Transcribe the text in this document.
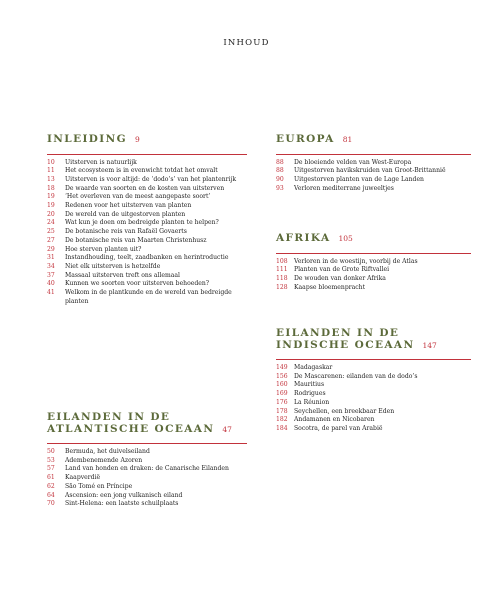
INHOUD
INLEIDING 9
10	Uitsterven is natuurlijk
11	Het ecosysteem is in evenwicht totdat het omvalt
13	Uitsterven is voor altijd: de ‘dodo’s’ van het plantenrijk
18	De waarde van soorten en de kosten van uitsterven
19	‘Het overleven van de meest aangepaste soort’
19	Redenen voor het uitsterven van planten
20	De wereld van de uitgestorven planten
24	Wat kun je doen om bedreigde planten te helpen?
25	De botanische reis van Rafaël Govaerts
27	De botanische reis van Maarten Christenhusz
29	Hoe sterven planten uit?
31	Instandhouding, teelt, zaadbanken en herintroductie
34	Niet elk uitsterven is hetzelfde
37	Massaal uitsterven treft ons allemaal
40	Kunnen we soorten voor uitsterven behoeden?
41	Welkom in de plantkunde en de wereld van bedreigde planten
EILANDEN IN DE
ATLANTISCHE OCEAAN 47
50	Bermuda, het duivelseiland
53	Adembenemende Azoren
57	Land van honden en draken: de Canarische Eilanden
61	Kaapverdië
62	São Tomé en Príncipe
64	Ascension: een jong vulkanisch eiland
70	Sint-Helena: een laatste schuilplaats
EUROPA 81
88	De bloeiende velden van West-Europa
88	Uitgestorven havikskruiden van Groot-Brittannië
90	Uitgestorven planten van de Lage Landen
93	Verloren mediterrane juweeltjes
AFRIKA 105
108	Verloren in de woestijn, voorbij de Atlas
111	Planten van de Grote Riftvallei
118	De wouden van donker Afrika
128	Kaapse bloemenpracht
EILANDEN IN DE
INDISCHE OCEAAN 147
149	Madagaskar
156	De Mascarenen: eilanden van de dodo’s
160	Mauritius
169	Rodrigues
176	La Réunion
178	Seychellen, een breekbaar Eden
182	Andamanen en Nicobaren
184	Socotra, de parel van Arabië
